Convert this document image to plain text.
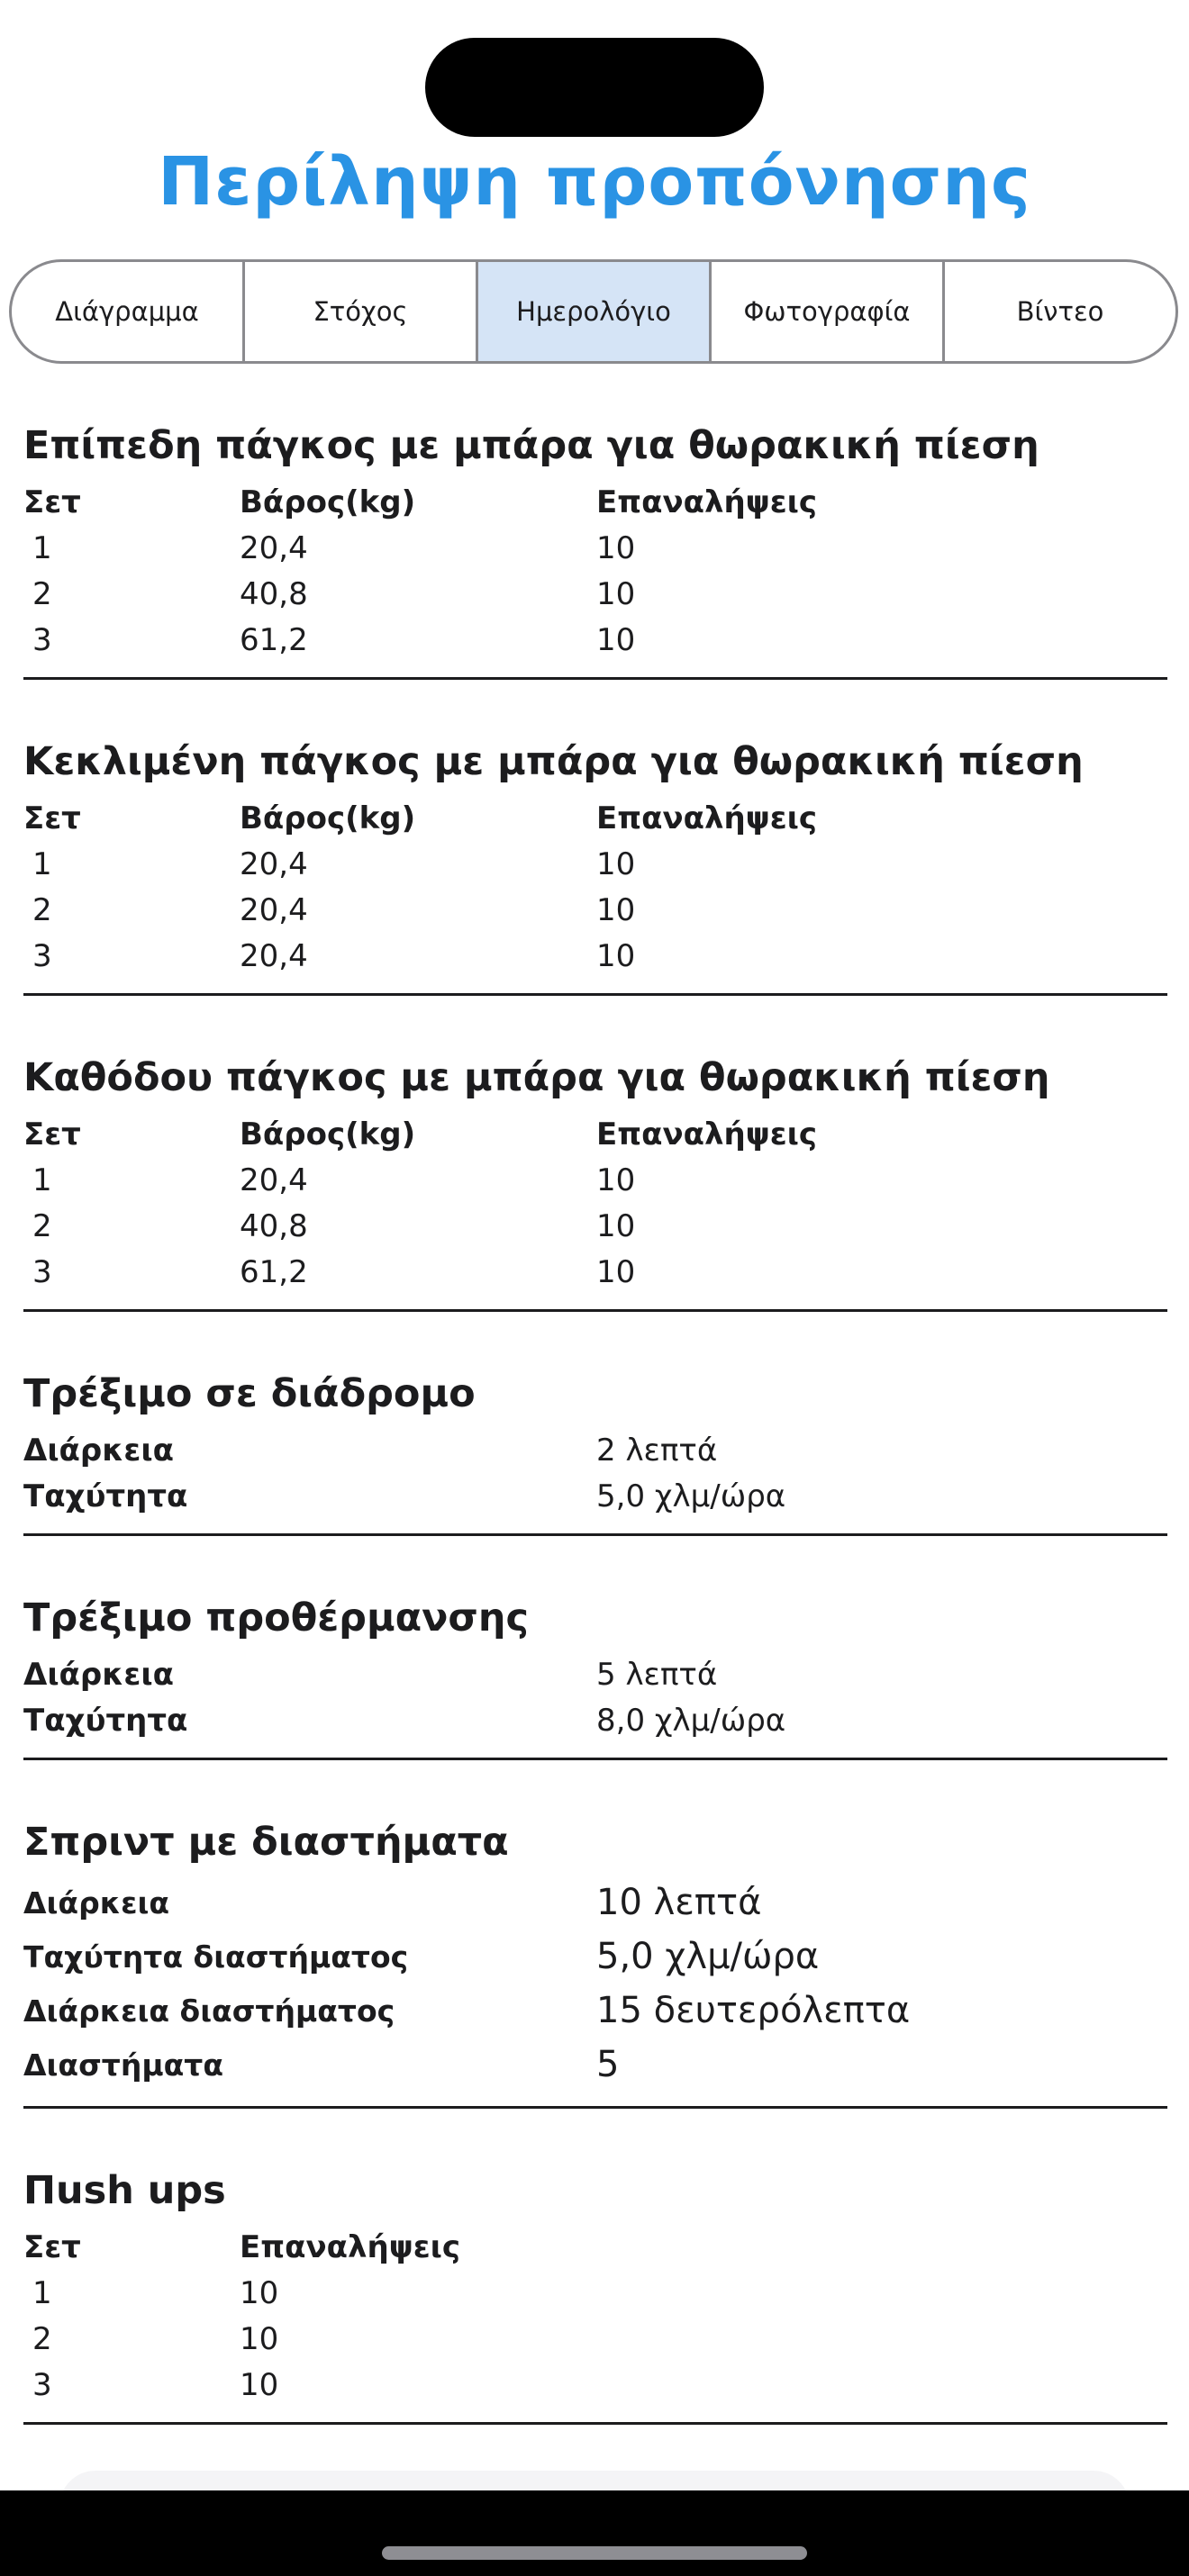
Περίληψη προπόνησης
Διάγραμμα	Στόχος	Ημερολόγιο	Φωτογραφία	Βίντεο
Επίπεδη πάγκος με μπάρα για θωρακική πίεση
Σετ	Βάρος(kg)	Επαναλήψεις
1	20,4	10
2	40,8	10
3	61,2	10
Κεκλιμένη πάγκος με μπάρα για θωρακική πίεση
Σετ	Βάρος(kg)	Επαναλήψεις
1	20,4	10
2	20,4	10
3	20,4	10
Καθόδου πάγκος με μπάρα για θωρακική πίεση
Σετ	Βάρος(kg)	Επαναλήψεις
1	20,4	10
2	40,8	10
3	61,2	10
Τρέξιμο σε διάδρομο
Διάρκεια	2 λεπτά
Ταχύτητα	5,0 χλμ/ώρα
Τρέξιμο προθέρμανσης
Διάρκεια	5 λεπτά
Ταχύτητα	8,0 χλμ/ώρα
Σπριντ με διαστήματα
Διάρκεια	10 λεπτά
Ταχύτητα διαστήματος	5,0 χλμ/ώρα
Διάρκεια διαστήματος	15 δευτερόλεπτα
Διαστήματα	5
Πush ups
Σετ	Επαναλήψεις
1	10
2	10
3	10
